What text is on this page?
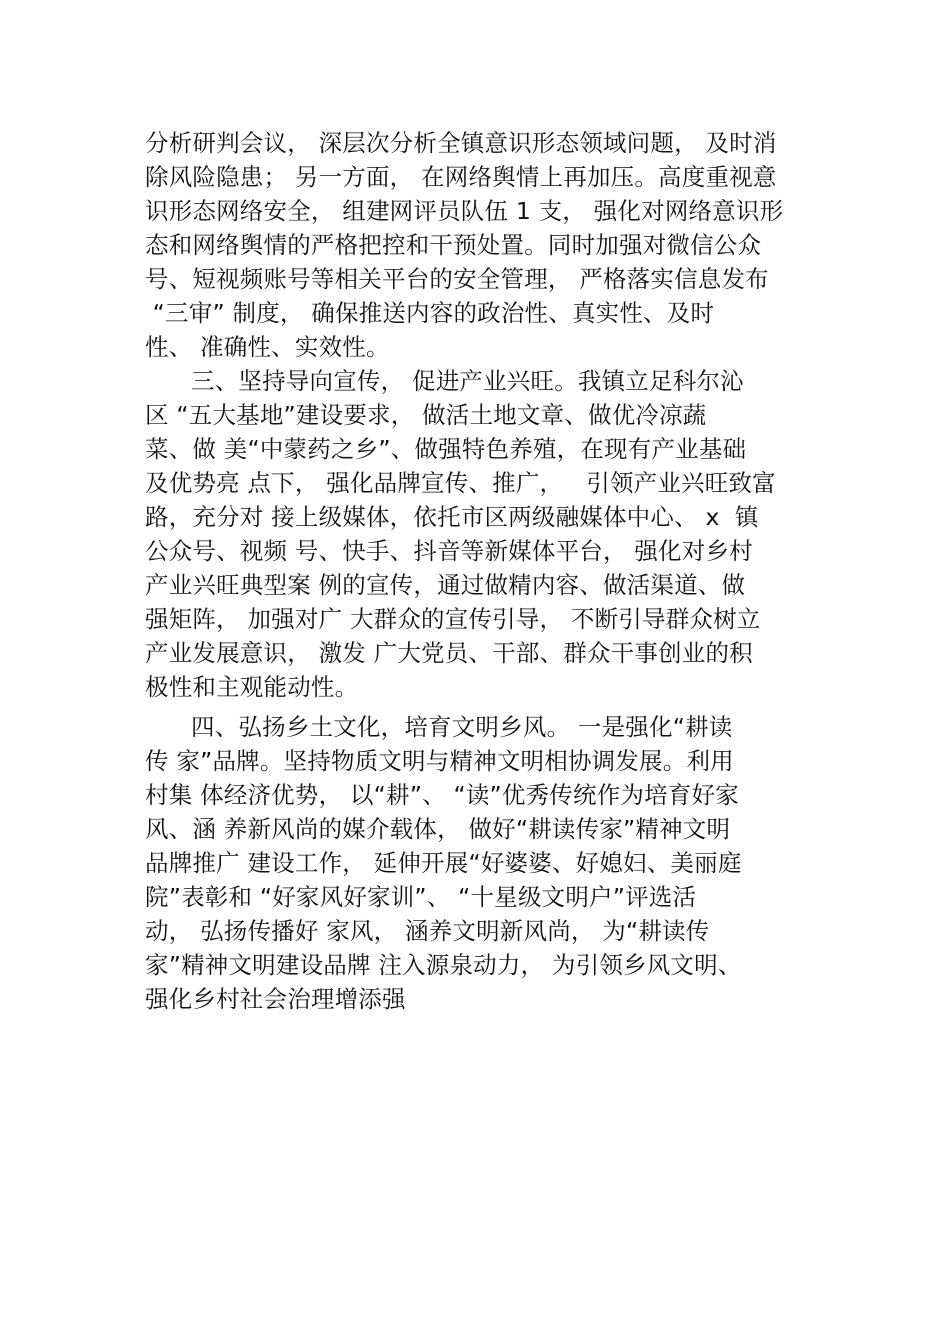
分析研判会议， 深层次分析全镇意识形态领域问题， 及时消
除风险隐患； 另一方面， 在网络舆情上再加压。高度重视意
识形态网络安全， 组建网评员队伍 1 支， 强化对网络意识形
态和网络舆情的严格把控和干预处置。同时加强对微信公众
号、短视频账号等相关平台的安全管理， 严格落实信息发布
“三审” 制度， 确保推送内容的政治性、真实性、及时
性、 准确性、实效性。
三、坚持导向宣传， 促进产业兴旺。我镇立足科尔沁
区 “五大基地”建设要求， 做活土地文章、做优冷凉蔬
菜、做 美“中蒙药之乡”、做强特色养殖，在现有产业基础
及优势亮 点下， 强化品牌宣传、推广，   引领产业兴旺致富
路，充分对 接上级媒体，依托市区两级融媒体中心、 x  镇
公众号、视频 号、快手、抖音等新媒体平台， 强化对乡村
产业兴旺典型案 例的宣传，通过做精内容、做活渠道、做
强矩阵， 加强对广 大群众的宣传引导， 不断引导群众树立
产业发展意识， 激发 广大党员、干部、群众干事创业的积
极性和主观能动性。
四、弘扬乡土文化，培育文明乡风。 一是强化“耕读
传 家”品牌。坚持物质文明与精神文明相协调发展。利用
村集 体经济优势， 以“耕”、 “读”优秀传统作为培育好家
风、涵 养新风尚的媒介载体， 做好“耕读传家”精神文明
品牌推广 建设工作， 延伸开展“好婆婆、好媳妇、美丽庭
院”表彰和 “好家风好家训”、 “十星级文明户”评选活
动， 弘扬传播好 家风， 涵养文明新风尚， 为“耕读传
家”精神文明建设品牌 注入源泉动力， 为引领乡风文明、
强化乡村社会治理增添强
